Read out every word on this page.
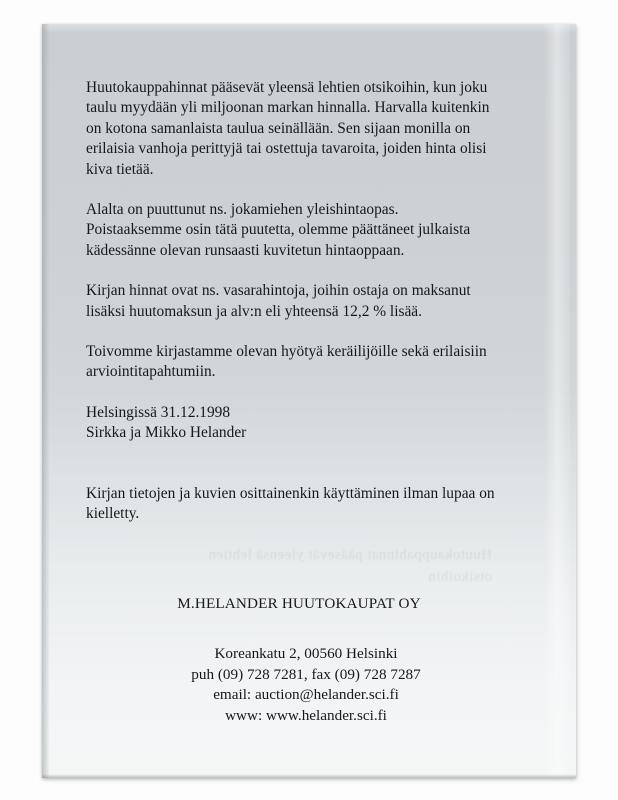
Huutokauppahinnat pääsevät yleensä lehtien otsikoihin

Huutokauppahinnat pääsevät yleensä lehtien otsikoihin, kun joku
taulu myydään yli miljoonan markan hinnalla. Harvalla kuitenkin
on kotona samanlaista taulua seinällään. Sen sijaan monilla on
erilaisia vanhoja perittyjä tai ostettuja tavaroita, joiden hinta olisi
kiva tietää.

Alalta on puuttunut ns. jokamiehen yleishintaopas.
Poistaaksemme osin tätä puutetta, olemme päättäneet julkaista
kädessänne olevan runsaasti kuvitetun hintaoppaan.

Kirjan hinnat ovat ns. vasarahintoja, joihin ostaja on maksanut
lisäksi huutomaksun ja alv:n eli yhteensä 12,2 % lisää.

Toivomme kirjastamme olevan hyötyä keräilijöille sekä erilaisiin
arviointitapahtumiin.

Helsingissä 31.12.1998
Sirkka ja Mikko Helander

Kirjan tietojen ja kuvien osittainenkin käyttäminen ilman lupaa on
kielletty.

M.HELANDER HUUTOKAUPAT OY
Koreankatu 2, 00560 Helsinki
puh (09) 728 7281, fax (09) 728 7287
email: auction@helander.sci.fi
www: www.helander.sci.fi
